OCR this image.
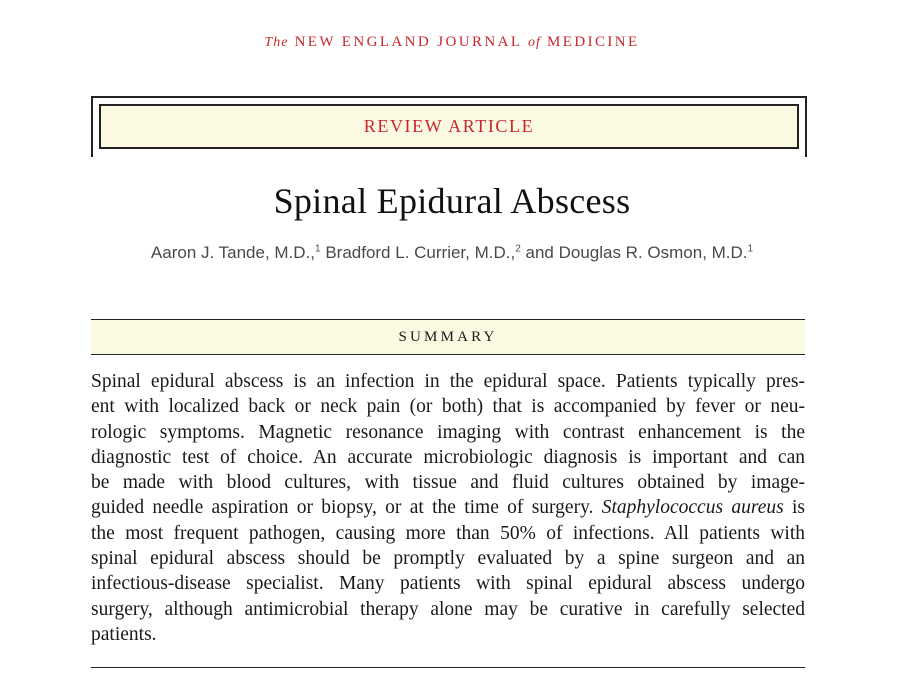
The NEW ENGLAND JOURNAL of MEDICINE
REVIEW ARTICLE
Spinal Epidural Abscess
Aaron J. Tande, M.D.,$^1$ Bradford L. Currier, M.D.,$^2$ and Douglas R. Osmon, M.D.$^1$
SUMMARY
Spinal epidural abscess is an infection in the epidural space. Patients typically pres-
ent with localized back or neck pain (or both) that is accompanied by fever or neu-
rologic symptoms. Magnetic resonance imaging with contrast enhancement is the
diagnostic test of choice. An accurate microbiologic diagnosis is important and can
be made with blood cultures, with tissue and fluid cultures obtained by image-
guided needle aspiration or biopsy, or at the time of surgery. Staphylococcus aureus is
the most frequent pathogen, causing more than 50% of infections. All patients with
spinal epidural abscess should be promptly evaluated by a spine surgeon and an
infectious-disease specialist. Many patients with spinal epidural abscess undergo
surgery, although antimicrobial therapy alone may be curative in carefully selected
patients.
